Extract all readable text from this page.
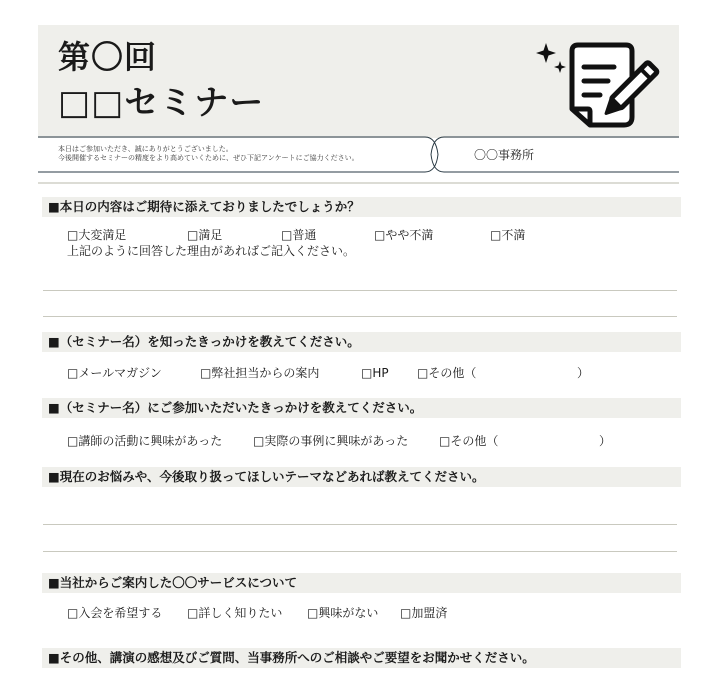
第〇回
□□セミナー
本日はご参加いただき、誠にありがとうございました。
今後開催するセミナーの精度をより高めていくために、ぜひ下記アンケートにご協力ください。	〇〇事務所
■本日の内容はご期待に添えておりましたでしょうか？
□大変満足	□満足	□普通	□やや不満	□不満
上記のように回答した理由があればご記入ください。
■（セミナー名）を知ったきっかけを教えてください。
□メールマガジン	□弊社担当からの案内	□HP □その他（	）
■（セミナー名）にご参加いただいたきっかけを教えてください。
□講師の活動に興味があった	□実際の事例に興味があった	□その他（	）
■現在のお悩みや、今後取り扱ってほしいテーマなどあれば教えてください。
■当社からご案内した〇〇サービスについて
□入会を希望する □詳しく知りたい □興味がない □加盟済
■その他、講演の感想及びご質問、当事務所へのご相談やご要望をお聞かせください。
